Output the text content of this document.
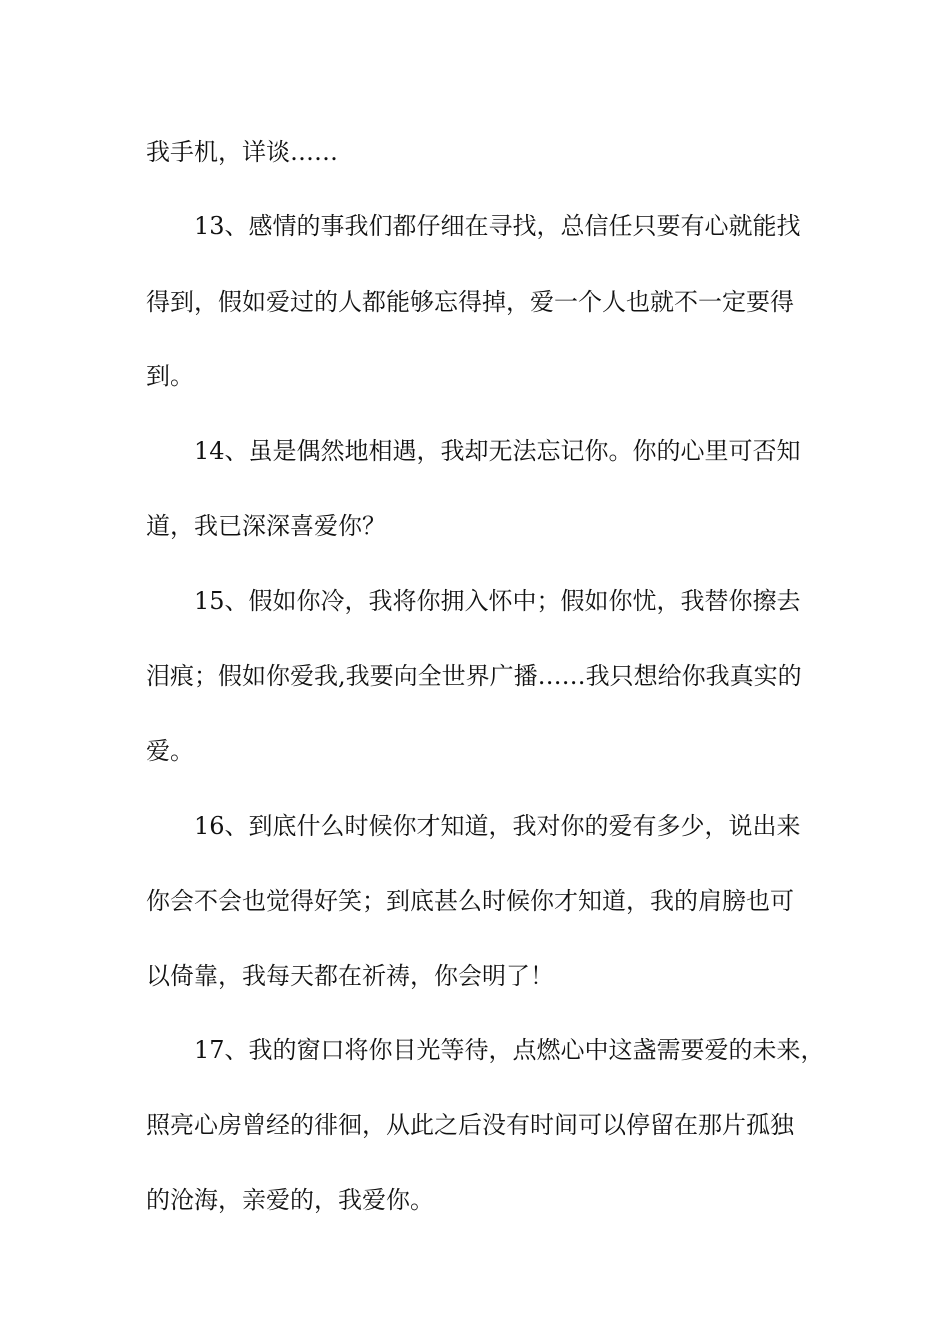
我手机，详谈……
13、感情的事我们都仔细在寻找，总信任只要有心就能找
得到，假如爱过的人都能够忘得掉，爱一个人也就不一定要得
到。
14、虽是偶然地相遇，我却无法忘记你。你的心里可否知
道，我已深深喜爱你？
15、假如你冷，我将你拥入怀中；假如你忧，我替你擦去
泪痕；假如你爱我,我要向全世界广播……我只想给你我真实的
爱。
16、到底什么时候你才知道，我对你的爱有多少，说出来
你会不会也觉得好笑；到底甚么时候你才知道，我的肩膀也可
以倚靠，我每天都在祈祷，你会明了！
17、我的窗口将你目光等待，点燃心中这盏需要爱的未来，
照亮心房曾经的徘徊，从此之后没有时间可以停留在那片孤独
的沧海，亲爱的，我爱你。
